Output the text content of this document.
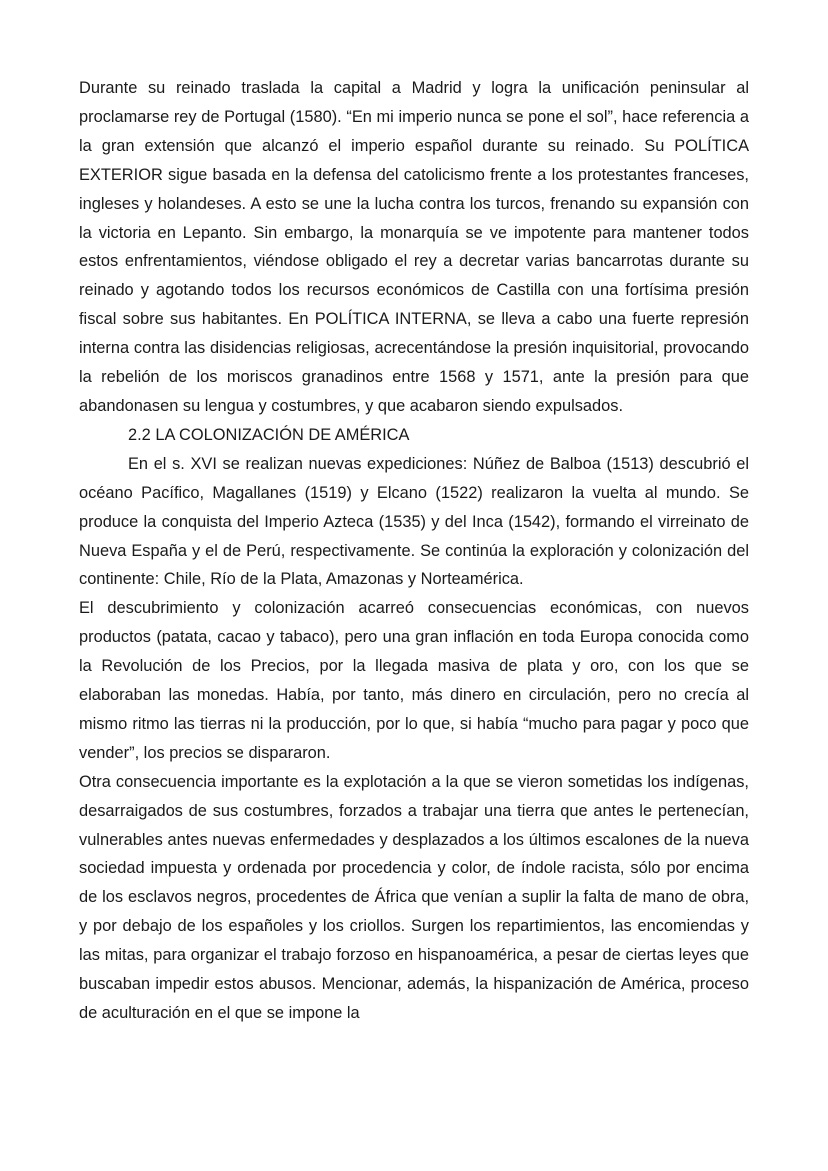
Durante su reinado traslada la capital a Madrid y logra la unificación peninsular al proclamarse rey de Portugal (1580). “En mi imperio nunca se pone el sol”, hace referencia a la gran extensión que alcanzó el imperio español durante su reinado. Su POLÍTICA EXTERIOR sigue basada en la defensa del catolicismo frente a los protestantes franceses, ingleses y holandeses. A esto se une la lucha contra los turcos, frenando su expansión con la victoria en Lepanto. Sin embargo, la monarquía se ve impotente para mantener todos estos enfrentamientos, viéndose obligado el rey a decretar varias bancarrotas durante su reinado y agotando todos los recursos económicos de Castilla con una fortísima presión fiscal sobre sus habitantes. En POLÍTICA INTERNA, se lleva a cabo una fuerte represión interna contra las disidencias religiosas, acrecentándose la presión inquisitorial, provocando la rebelión de los moriscos granadinos entre 1568 y 1571, ante la presión para que abandonasen su lengua y costumbres, y que acabaron siendo expulsados.

2.2 LA COLONIZACIÓN DE AMÉRICA

En el s. XVI se realizan nuevas expediciones: Núñez de Balboa (1513) descubrió el océano Pacífico, Magallanes (1519) y Elcano (1522) realizaron la vuelta al mundo. Se produce la conquista del Imperio Azteca (1535) y del Inca (1542), formando el virreinato de Nueva España y el de Perú, respectivamente. Se continúa la exploración y colonización del continente: Chile, Río de la Plata, Amazonas y Norteamérica.

El descubrimiento y colonización acarreó consecuencias económicas, con nuevos productos (patata, cacao y tabaco), pero una gran inflación en toda Europa conocida como la Revolución de los Precios, por la llegada masiva de plata y oro, con los que se elaboraban las monedas. Había, por tanto, más dinero en circulación, pero no crecía al mismo ritmo las tierras ni la producción, por lo que, si había “mucho para pagar y poco que vender”, los precios se dispararon.

Otra consecuencia importante es la explotación a la que se vieron sometidas los indígenas, desarraigados de sus costumbres, forzados a trabajar una tierra que antes le pertenecían, vulnerables antes nuevas enfermedades y desplazados a los últimos escalones de la nueva sociedad impuesta y ordenada por procedencia y color, de índole racista, sólo por encima de los esclavos negros, procedentes de África que venían a suplir la falta de mano de obra, y por debajo de los españoles y los criollos. Surgen los repartimientos, las encomiendas y las mitas, para organizar el trabajo forzoso en hispanoamérica, a pesar de ciertas leyes que buscaban impedir estos abusos. Mencionar, además, la hispanización de América, proceso de aculturación en el que se impone la
